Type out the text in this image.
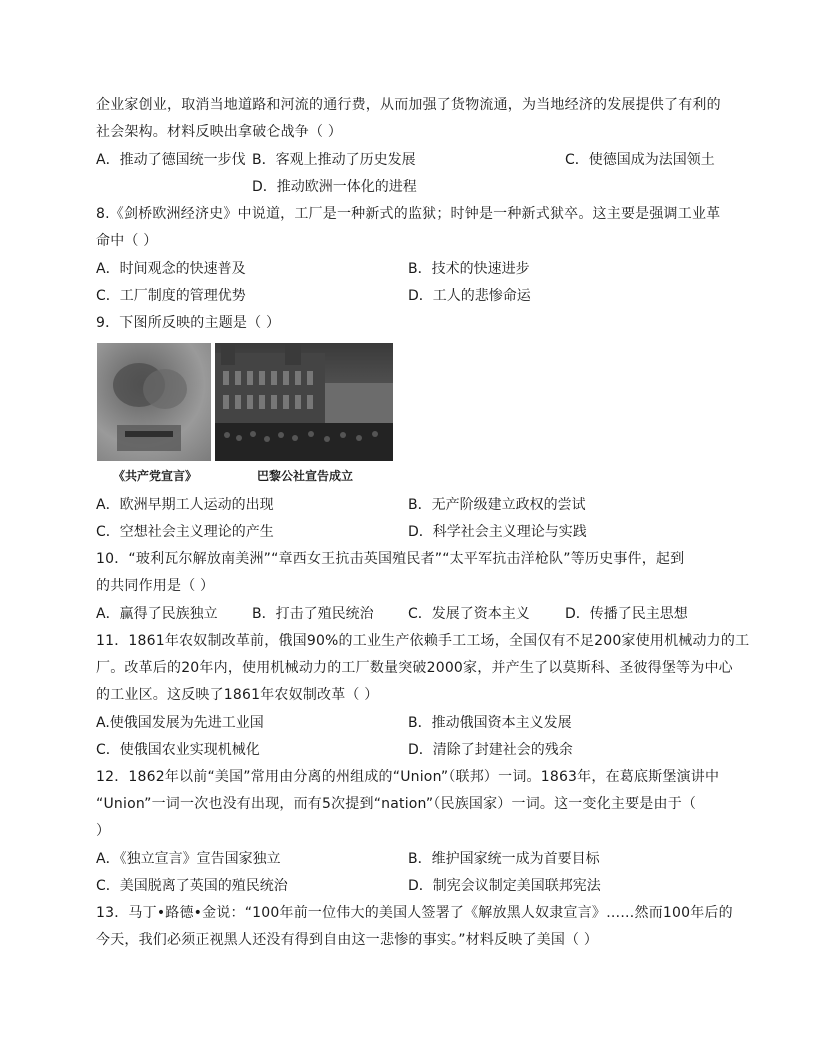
企业家创业，取消当地道路和河流的通行费，从而加强了货物流通，为当地经济的发展提供了有利的
社会架构。材料反映出拿破仑战争（ ）
A．推动了德国统一步伐 B．客观上推动了历史发展	C．使德国成为法国领土
D．推动欧洲一体化的进程
8.《剑桥欧洲经济史》中说道，工厂是一种新式的监狱；时钟是一种新式狱卒。这主要是强调工业革
命中（ ）
A．时间观念的快速普及	B．技术的快速进步
C．工厂制度的管理优势	D．工人的悲惨命运
9．下图所反映的主题是（ ）
《共产党宣言》	巴黎公社宣告成立
A．欧洲早期工人运动的出现	B．无产阶级建立政权的尝试
C．空想社会主义理论的产生	D．科学社会主义理论与实践
10．“玻利瓦尔解放南美洲”“章西女王抗击英国殖民者”“太平军抗击洋枪队”等历史事件，起到
的共同作用是（ ）
A．赢得了民族独立 B．打击了殖民统治 C．发展了资本主义	D．传播了民主思想
11．1861年农奴制改革前，俄国90%的工业生产依赖手工工场，全国仅有不足200家使用机械动力的工
厂。改革后的20年内，使用机械动力的工厂数量突破2000家，并产生了以莫斯科、圣彼得堡等为中心
的工业区。这反映了1861年农奴制改革（ ）
A.使俄国发展为先进工业国	B．推动俄国资本主义发展
C．使俄国农业实现机械化	D．清除了封建社会的残余
12．1862年以前“美国”常用由分离的州组成的“Union”（联邦）一词。1863年，在葛底斯堡演讲中
“Union”一词一次也没有出现，而有5次提到“nation”（民族国家）一词。这一变化主要是由于（
）
A．《独立宣言》宣告国家独立	B．维护国家统一成为首要目标
C．美国脱离了英国的殖民统治	D．制宪会议制定美国联邦宪法
13．马丁•路德•金说：“100年前一位伟大的美国人签署了《解放黑人奴隶宣言》……然而100年后的
今天，我们必须正视黑人还没有得到自由这一悲惨的事实。”材料反映了美国（ ）
